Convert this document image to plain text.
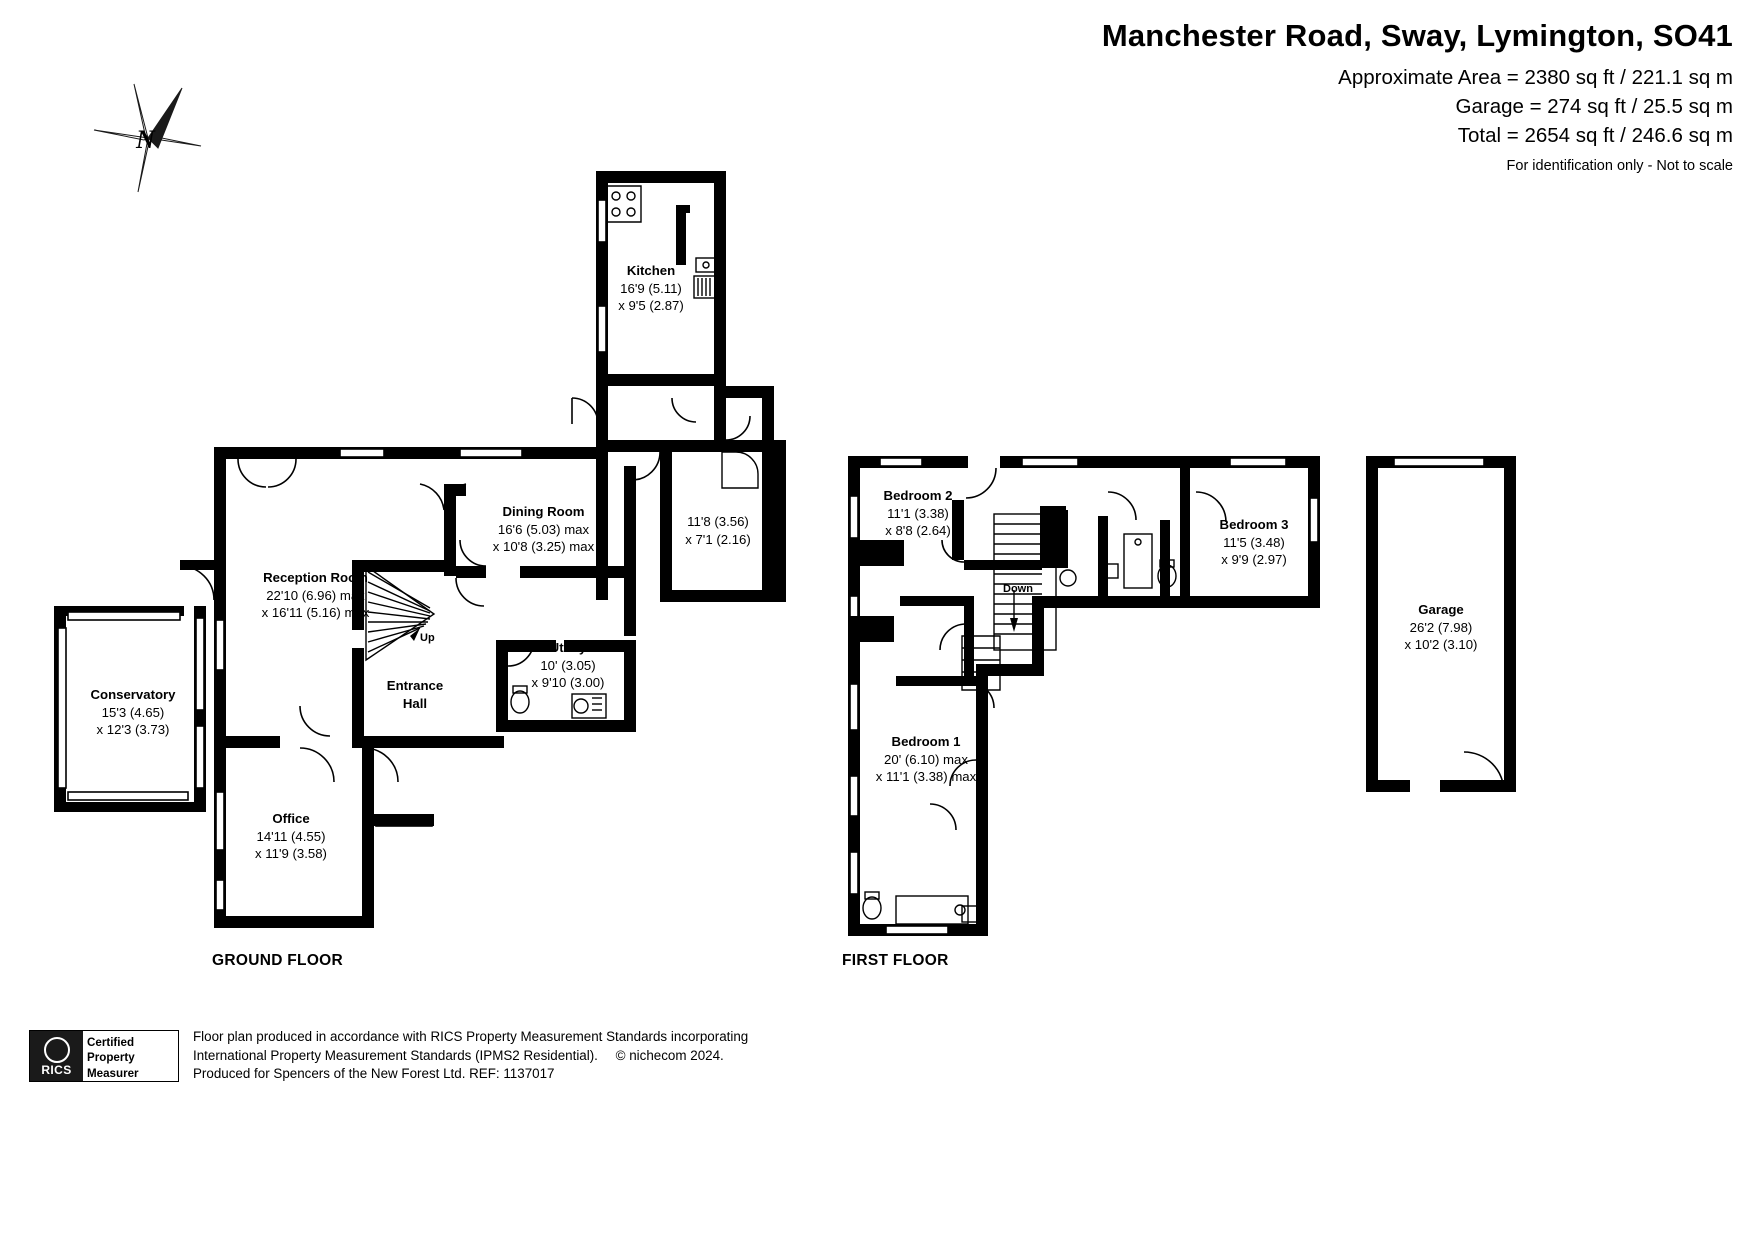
Manchester Road, Sway, Lymington, SO41
Approximate Area = 2380 sq ft / 221.1 sq m
Garage = 274 sq ft / 25.5 sq m
Total = 2654 sq ft / 246.6 sq m
For identification only - Not to scale
N
Kitchen
16'9 (5.11)
x 9'5 (2.87)
Dining Room
16'6 (5.03) max
x 10'8 (3.25) max
Reception Room
22'10 (6.96) max
x 16'11 (5.16) max
11'8 (3.56)
x 7'1 (2.16)
Utility
10' (3.05)
x 9'10 (3.00)
Entrance
Hall
Conservatory
15'3 (4.65)
x 12'3 (3.73)
Office
14'11 (4.55)
x 11'9 (3.58)
Bedroom 2
11'1 (3.38)
x 8'8 (2.64)	Bedroom 3
11'5 (3.48)
x 9'9 (2.97)
Bedroom 1
20' (6.10) max
x 11'1 (3.38) max
Garage
26'2 (7.98)
x 10'2 (3.10)
Up
Down
GROUND FLOOR	FIRST FLOOR
RICS
Certified
Property
Measurer
Floor plan produced in accordance with RICS Property Measurement Standards incorporating
International Property Measurement Standards (IPMS2 Residential). © nichecom 2024.
Produced for Spencers of the New Forest Ltd. REF: 1137017
